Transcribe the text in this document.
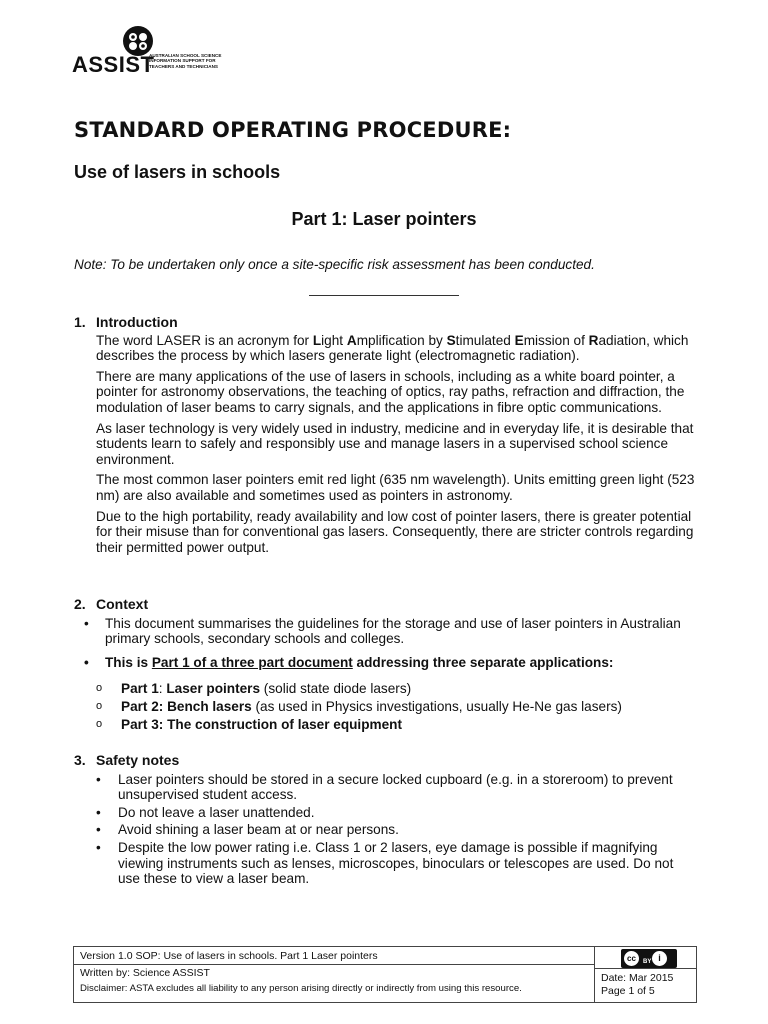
ASSIST
AUSTRALIAN SCHOOL SCIENCE
INFORMATION SUPPORT FOR
TEACHERS AND TECHNICIANS
STANDARD OPERATING PROCEDURE:
Use of lasers in schools
Part 1: Laser pointers
Note: To be undertaken only once a site-specific risk assessment has been conducted.
1. Introduction

The word LASER is an acronym for Light Amplification by Stimulated Emission of Radiation, which describes the process by which lasers generate light (electromagnetic radiation).

There are many applications of the use of lasers in schools, including as a white board pointer, a pointer for astronomy observations, the teaching of optics, ray paths, refraction and diffraction, the modulation of laser beams to carry signals, and the applications in fibre optic communications.

As laser technology is very widely used in industry, medicine and in everyday life, it is desirable that students learn to safely and responsibly use and manage lasers in a supervised school science environment.

The most common laser pointers emit red light (635 nm wavelength). Units emitting green light (523 nm) are also available and sometimes used as pointers in astronomy.

Due to the high portability, ready availability and low cost of pointer lasers, there is greater potential for their misuse than for conventional gas lasers. Consequently, there are stricter controls regarding their permitted power output.

2. Context
• This document summarises the guidelines for the storage and use of laser pointers in Australian primary schools, secondary schools and colleges.
• This is Part 1 of a three part document addressing three separate applications:
o Part 1: Laser pointers (solid state diode lasers)
o Part 2: Bench lasers (as used in Physics investigations, usually He-Ne gas lasers)
o Part 3: The construction of laser equipment
3. Safety notes
• Laser pointers should be stored in a secure locked cupboard (e.g. in a storeroom) to prevent unsupervised student access.
• Do not leave a laser unattended.
• Avoid shining a laser beam at or near persons.
• Despite the low power rating i.e. Class 1 or 2 lasers, eye damage is possible if magnifying viewing instruments such as lenses, microscopes, binoculars or telescopes are used. Do not use these to view a laser beam.
Version 1.0 SOP: Use of lasers in schools. Part 1 Laser pointers
Written by: Science ASSIST
Disclaimer: ASTA excludes all liability to any person arising directly or indirectly from using this resource.
cc	BY i
Date: Mar 2015
Page 1 of 5
